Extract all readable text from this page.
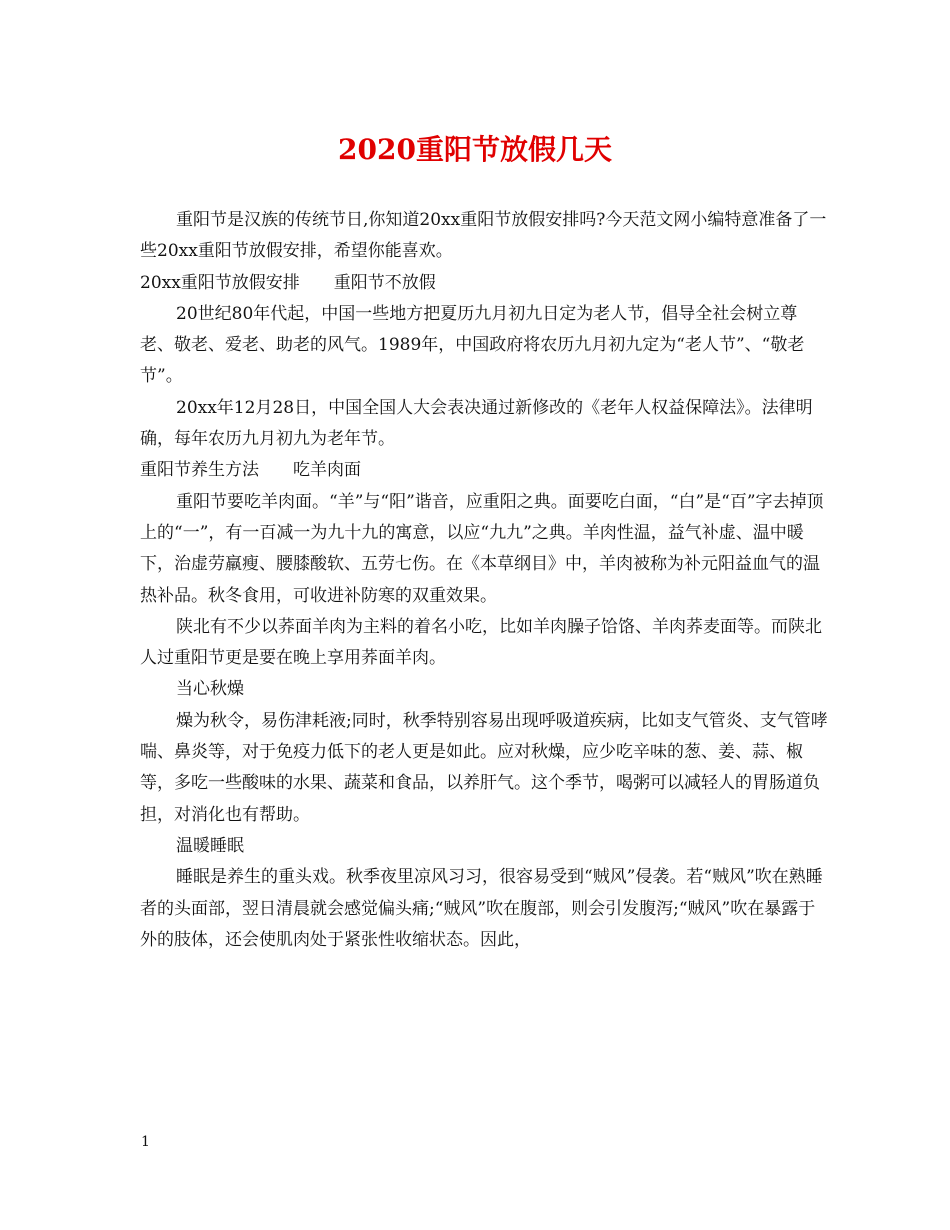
2020重阳节放假几天

重阳节是汉族的传统节日,你知道20xx重阳节放假安排吗?今天范文网小编特意准备了一些20xx重阳节放假安排，希望你能喜欢。

20xx重阳节放假安排　　重阳节不放假

20世纪80年代起，中国一些地方把夏历九月初九日定为老人节，倡导全社会树立尊老、敬老、爱老、助老的风气。1989年，中国政府将农历九月初九定为“老人节”、“敬老节”。

20xx年12月28日，中国全国人大会表决通过新修改的《老年人权益保障法》。法律明确，每年农历九月初九为老年节。

重阳节养生方法　　吃羊肉面

重阳节要吃羊肉面。“羊”与“阳”谐音，应重阳之典。面要吃白面，“白”是“百”字去掉顶上的“一”，有一百减一为九十九的寓意，以应“九九”之典。羊肉性温，益气补虚、温中暖下，治虚劳羸瘦、腰膝酸软、五劳七伤。在《本草纲目》中，羊肉被称为补元阳益血气的温热补品。秋冬食用，可收进补防寒的双重效果。

陕北有不少以荞面羊肉为主料的着名小吃，比如羊肉臊子饸饹、羊肉荞麦面等。而陕北人过重阳节更是要在晚上享用荞面羊肉。

当心秋燥

燥为秋令，易伤津耗液;同时，秋季特别容易出现呼吸道疾病，比如支气管炎、支气管哮喘、鼻炎等，对于免疫力低下的老人更是如此。应对秋燥，应少吃辛味的葱、姜、蒜、椒等，多吃一些酸味的水果、蔬菜和食品，以养肝气。这个季节，喝粥可以减轻人的胃肠道负担，对消化也有帮助。

温暖睡眠

睡眠是养生的重头戏。秋季夜里凉风习习，很容易受到“贼风”侵袭。若“贼风”吹在熟睡者的头面部，翌日清晨就会感觉偏头痛;“贼风”吹在腹部，则会引发腹泻;“贼风”吹在暴露于外的肢体，还会使肌肉处于紧张性收缩状态。因此，

1
